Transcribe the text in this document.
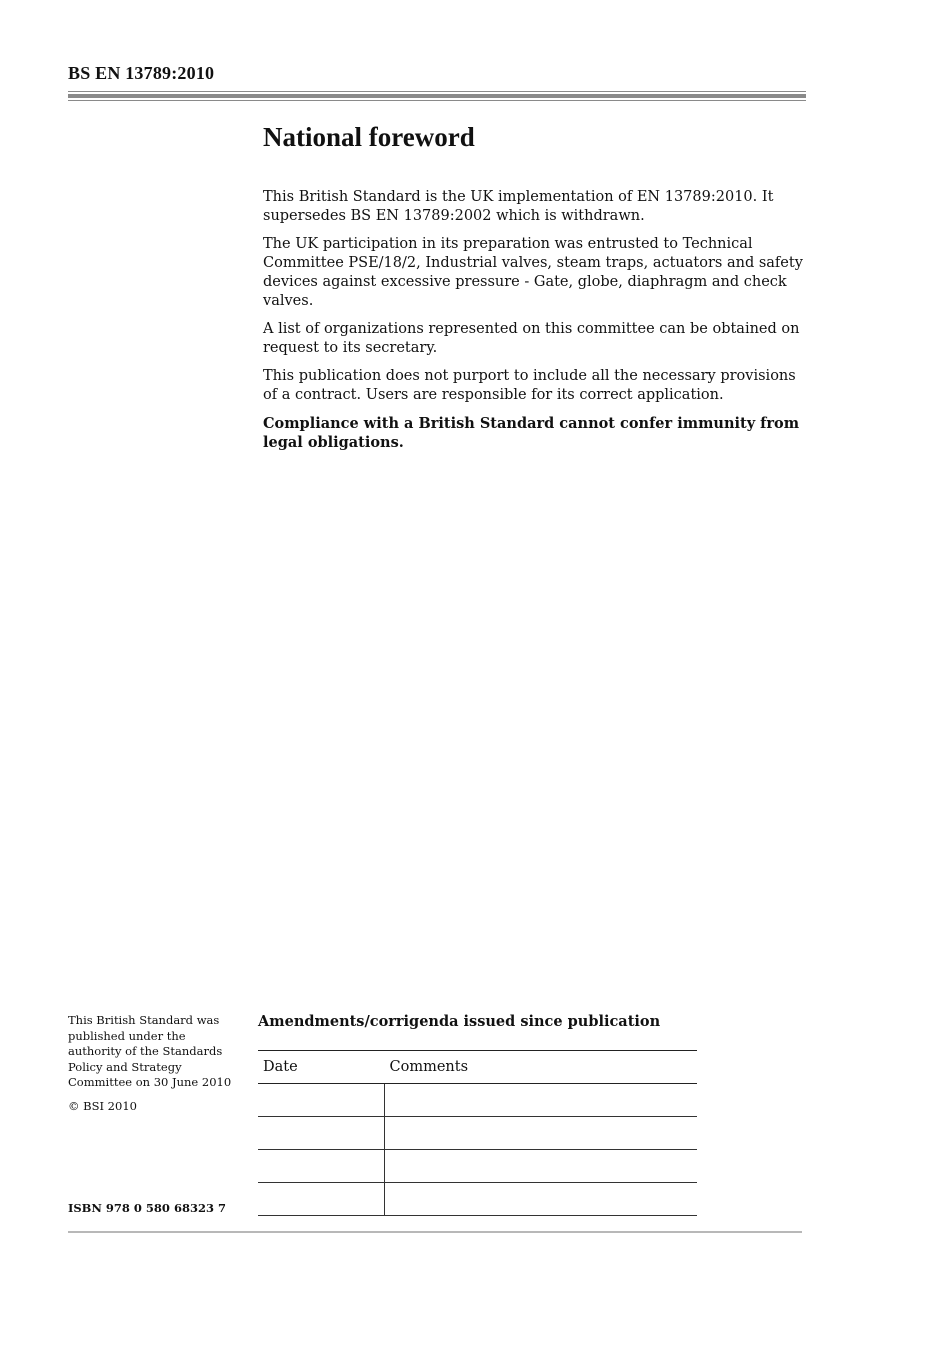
BS EN 13789:2010
National foreword

This British Standard is the UK implementation of EN 13789:2010. It supersedes BS EN 13789:2002 which is withdrawn.

The UK participation in its preparation was entrusted to Technical Committee PSE/18/2, Industrial valves, steam traps, actuators and safety devices against excessive pressure - Gate, globe, diaphragm and check valves.

A list of organizations represented on this committee can be obtained on request to its secretary.

This publication does not purport to include all the necessary provisions of a contract. Users are responsible for its correct application.

Compliance with a British Standard cannot confer immunity from legal obligations.

This British Standard was published under the authority of the Standards Policy and Strategy Committee on 30 June 2010

© BSI 2010

ISBN 978 0 580 68323 7
Amendments/corrigenda issued since publication
Date	Comments
